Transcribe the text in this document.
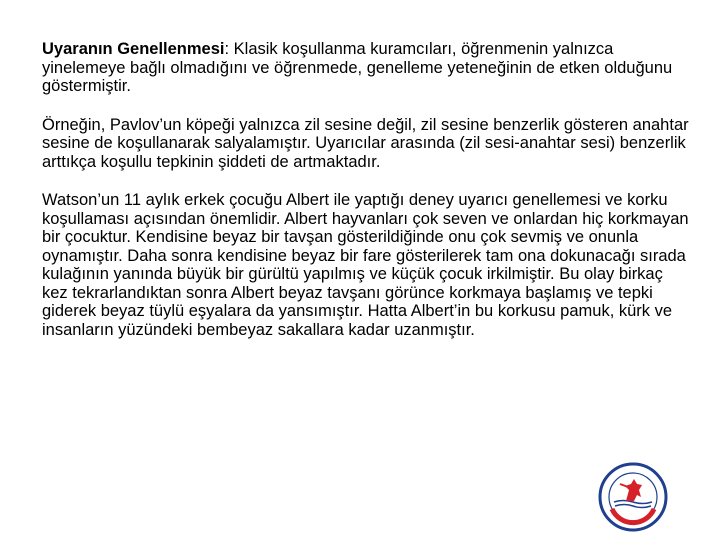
Uyaranın Genellenmesi: Klasik koşullanma kuramcıları, öğrenmenin yalnızca yinelemeye bağlı olmadığını ve öğrenmede, genelleme yeteneğinin de etken olduğunu göstermiştir.

Örneğin, Pavlov’un köpeği yalnızca zil sesine değil, zil sesine benzerlik gösteren anahtar sesine de koşullanarak salyalamıştır. Uyarıcılar arasında (zil sesi-anahtar sesi) benzerlik arttıkça koşullu tepkinin şiddeti de artmaktadır.

Watson’un 11 aylık erkek çocuğu Albert ile yaptığı deney uyarıcı genellemesi ve korku koşullaması açısından önemlidir. Albert hayvanları çok seven ve onlardan hiç korkmayan bir çocuktur. Kendisine beyaz bir tavşan gösterildiğinde onu çok sevmiş ve onunla oynamıştır. Daha sonra kendisine beyaz bir fare gösterilerek tam ona dokunacağı sırada kulağının yanında büyük bir gürültü yapılmış ve küçük çocuk irkilmiştir. Bu olay birkaç kez tekrarlandıktan sonra Albert beyaz tavşanı görünce korkmaya başlamış ve tepki giderek beyaz tüylü eşyalara da yansımıştır. Hatta Albert’in bu korkusu pamuk, kürk ve insanların yüzündeki bembeyaz sakallara kadar uzanmıştır.

· · · ·
